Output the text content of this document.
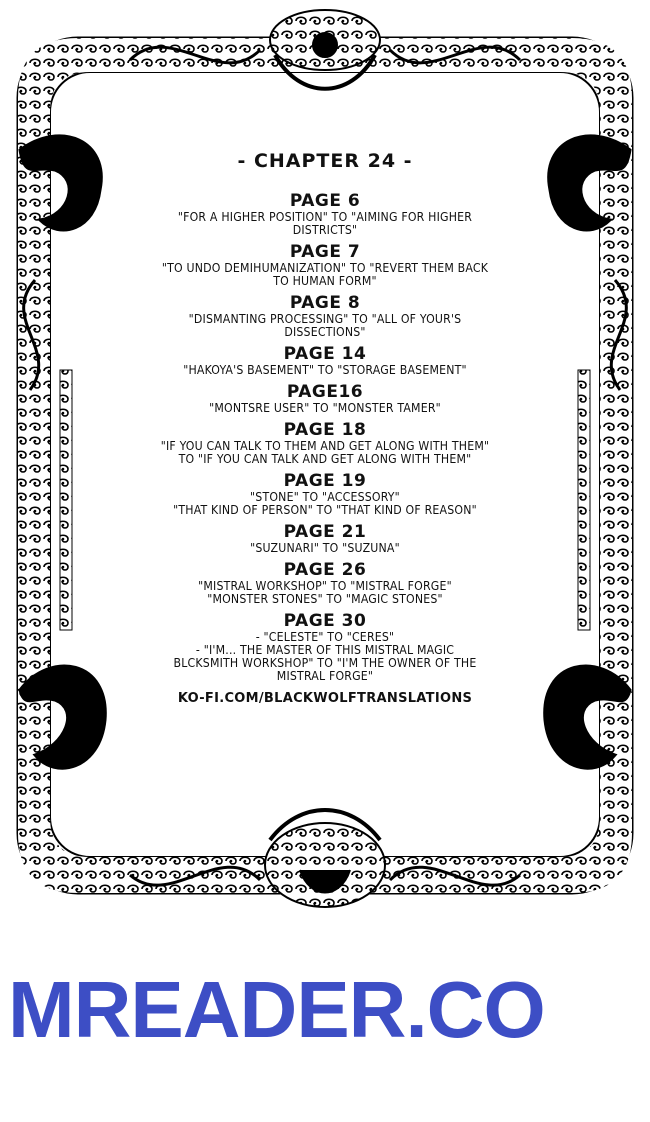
- CHAPTER 24 -
PAGE 6
"FOR A HIGHER POSITION" TO "AIMING FOR HIGHER
DISTRICTS"
PAGE 7
"TO UNDO DEMIHUMANIZATION" TO "REVERT THEM BACK
TO HUMAN FORM"
PAGE 8
"DISMANTING PROCESSING" TO "ALL OF YOUR'S
DISSECTIONS"
PAGE 14
"HAKOYA'S BASEMENT" TO "STORAGE BASEMENT"
PAGE16
"MONTSRE USER" TO "MONSTER TAMER"
PAGE 18
"IF YOU CAN TALK TO THEM AND GET ALONG WITH THEM"
TO "IF YOU CAN TALK AND GET ALONG WITH THEM"
PAGE 19
"STONE" TO "ACCESSORY"
"THAT KIND OF PERSON" TO "THAT KIND OF REASON"
PAGE 21
"SUZUNARI" TO "SUZUNA"
PAGE 26
"MISTRAL WORKSHOP" TO "MISTRAL FORGE"
"MONSTER STONES" TO "MAGIC STONES"
PAGE 30
- "CELESTE" TO "CERES"
- "I'M... THE MASTER OF THIS MISTRAL MAGIC
BLCKSMITH WORKSHOP" TO "I'M THE OWNER OF THE
MISTRAL FORGE"
KO-FI.COM/BLACKWOLFTRANSLATIONS
MREADER.CO
